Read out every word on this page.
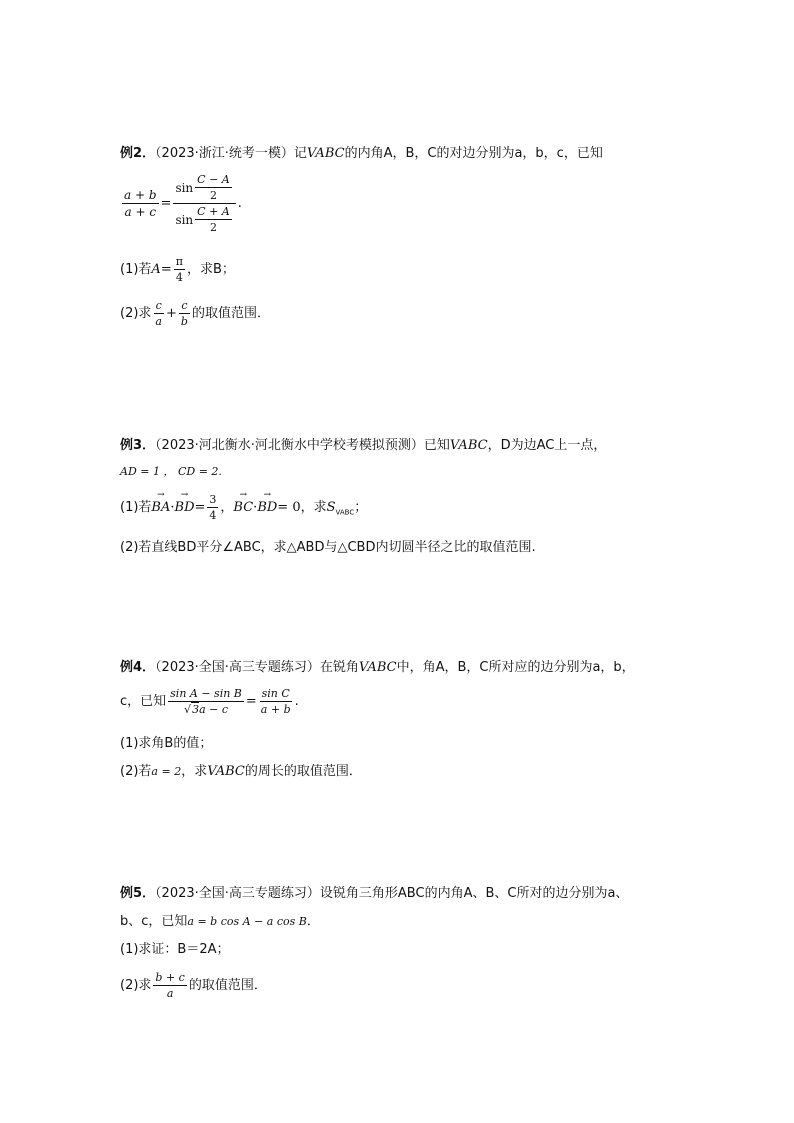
例2．（2023·浙江·统考一模）记VABC的内角A，B，C的对边分别为a，b，c，已知
$\frac{a + b}{a + c} = \frac{\sin \frac{C - A}{2}}{\sin \frac{C + A}{2}}$ .
(1)若$A= \frac{\pi}{4}$ ，求B；
(2)求 $\frac{c}{a} + \frac{c}{b}$ 的取值范围．
例3．（2023·河北衡水·河北衡水中学校考模拟预测）已知VABC，D为边AC上一点，
AD = 1 ， CD = 2.
(1)若→ $BA\cdot\to BD= \frac{3}{4}$ ，→ BC·→ BD= 0，求$S_{VABC}$；
(2)若直线BD平分∠ABC，求△ABD与△CBD内切圆半径之比的取值范围.
例4．（2023·全国·高三专题练习）在锐角VABC中，角A，B，C所对应的边分别为a，b，
c，已知 $\frac{\text{sin A − sin B}}{√3a - c} = \frac{\text{sin C}}{a + b}$ .
(1)求角B的值；
(2)若a = 2，求VABC的周长的取值范围．
例5．（2023·全国·高三专题练习）设锐角三角形ABC的内角A、B、C所对的边分别为a、
b、c，已知a = b cos A − a cos B．
(1)求证：B＝2A；
(2)求 $\frac{b + c}{a}$ 的取值范围．
